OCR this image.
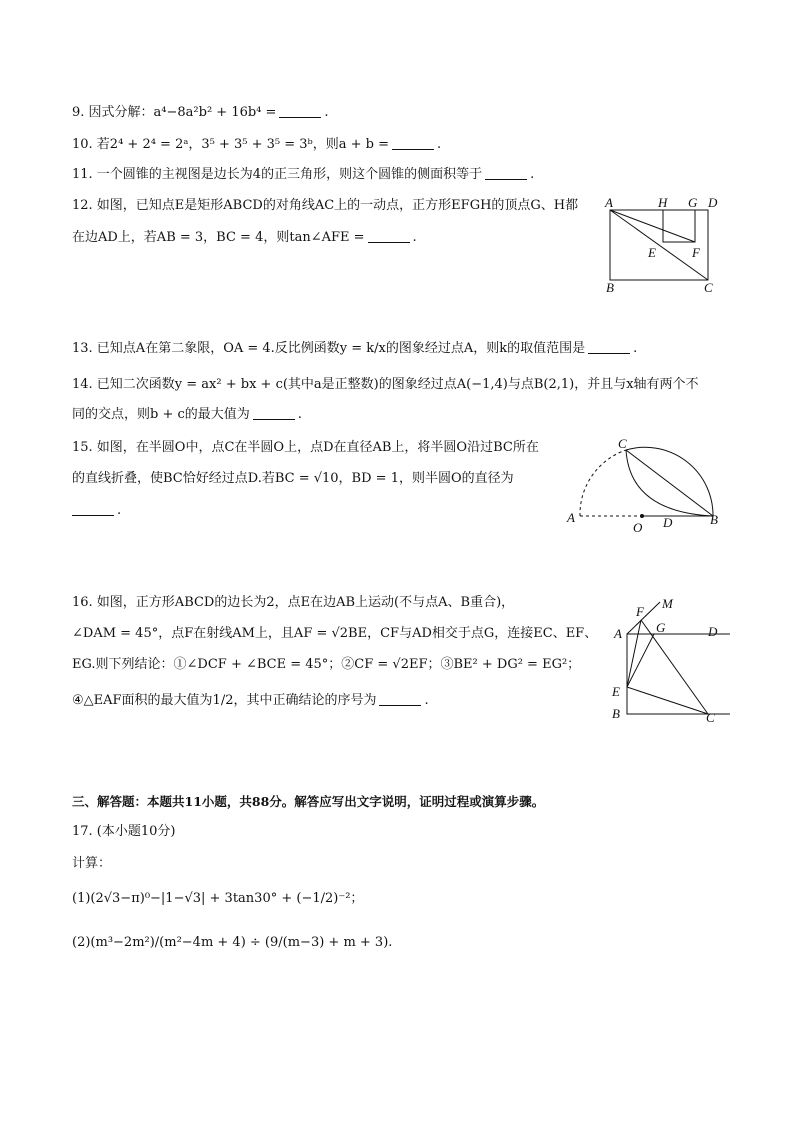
9. 因式分解：a⁴−8a²b² + 16b⁴ =	.
10. 若2⁴ + 2⁴ = 2ᵃ，3⁵ + 3⁵ + 3⁵ = 3ᵇ，则a + b =	.
11. 一个圆锥的主视图是边长为4的正三角形，则这个圆锥的侧面积等于	.
12. 如图，已知点E是矩形ABCD的对角线AC上的一动点，正方形EFGH的顶点G、H都
在边AD上，若AB = 3，BC = 4，则tan∠AFE =	.
A	H G D
E	F
B	C
13. 已知点A在第二象限，OA = 4.反比例函数y = k/x的图象经过点A，则k的取值范围是	.
14. 已知二次函数y = ax² + bx + c(其中a是正整数)的图象经过点A(−1,4)与点B(2,1)，并且与x轴有两个不
同的交点，则b + c的最大值为	.
15. 如图，在半圆O中，点C在半圆O上，点D在直径AB上，将半圆O沿过BC所在
的直线折叠，使BC恰好经过点D.若BC = √10，BD = 1，则半圆O的直径为
.
C
A
O D	B
16. 如图，正方形ABCD的边长为2，点E在边AB上运动(不与点A、B重合)，
∠DAM = 45°，点F在射线AM上，且AF = √2BE，CF与AD相交于点G，连接EC、EF、
EG.则下列结论：①∠DCF + ∠BCE = 45°；②CF = √2EF；③BE² + DG² = EG²；
④△EAF面积的最大值为1/2，其中正确结论的序号为	.
F
M
A	G	D
E
B	C
三、解答题：本题共11小题，共88分。解答应写出文字说明，证明过程或演算步骤。
17. (本小题10分)
计算：
(1)(2√3−π)⁰−|1−√3| + 3tan30° + (−1/2)⁻²；
(2)(m³−2m²)/(m²−4m + 4) ÷ (9/(m−3) + m + 3).
